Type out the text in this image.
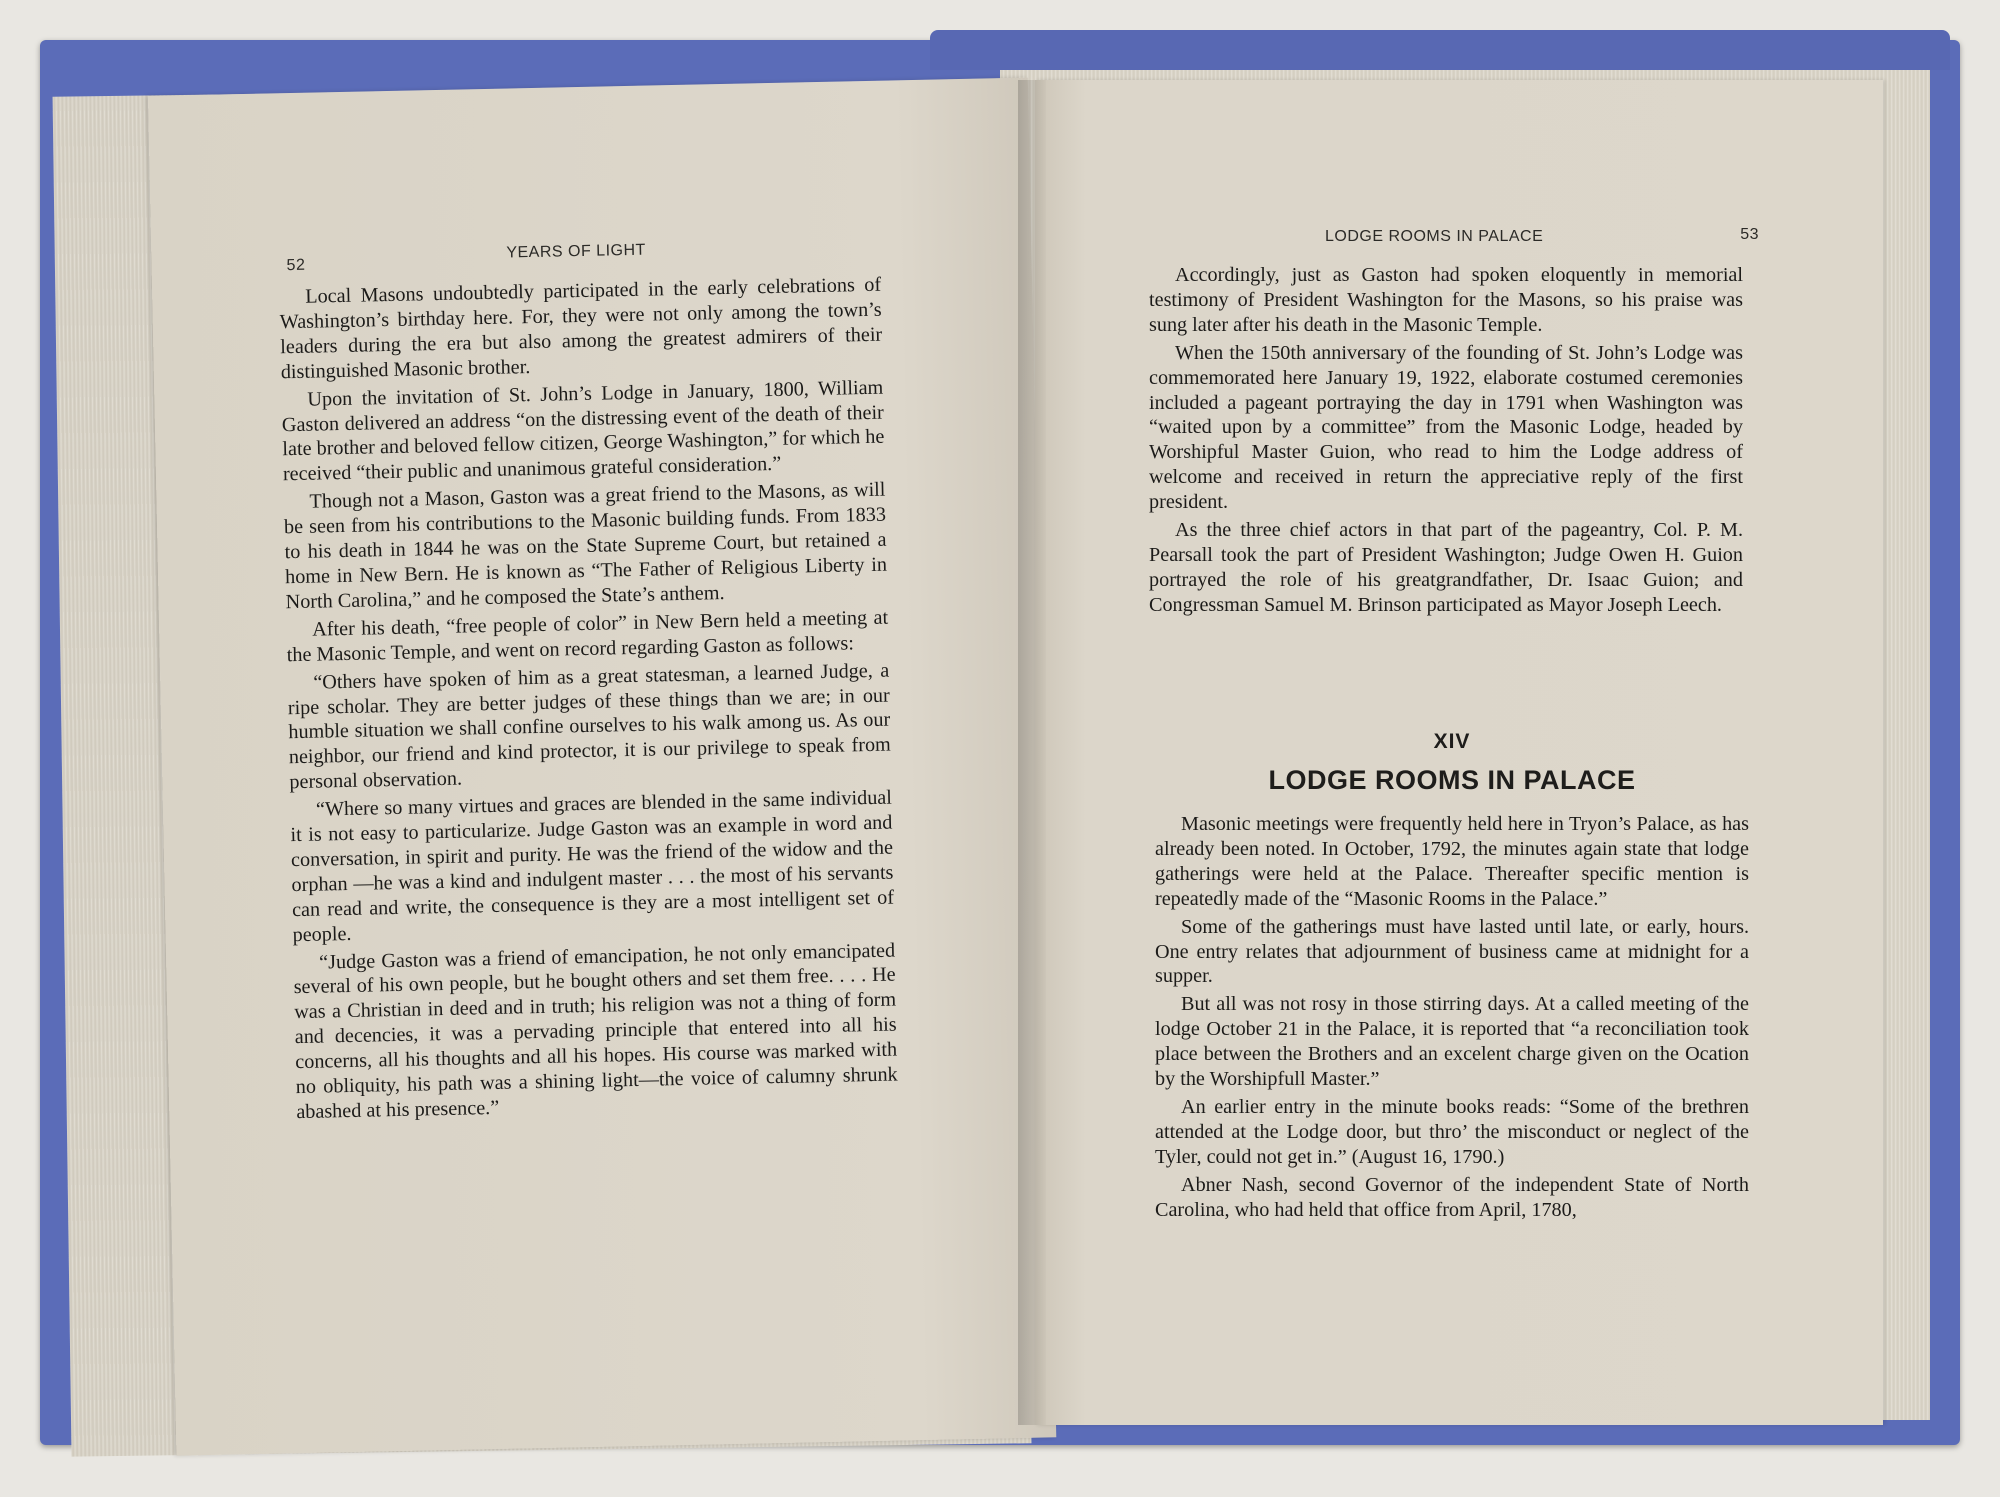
52
YEARS OF LIGHT

Local Masons undoubtedly participated in the early celebrations of Washington’s birthday here. For, they were not only among the town’s leaders during the era but also among the greatest admirers of their distinguished Masonic brother.

Upon the invitation of St. John’s Lodge in January, 1800, William Gaston delivered an address “on the distressing event of the death of their late brother and beloved fellow citizen, George Washington,” for which he received “their public and unanimous grateful consideration.”

Though not a Mason, Gaston was a great friend to the Masons, as will be seen from his contributions to the Masonic building funds. From 1833 to his death in 1844 he was on the State Supreme Court, but retained a home in New Bern. He is known as “The Father of Religious Liberty in North Carolina,” and he composed the State’s anthem.

After his death, “free people of color” in New Bern held a meeting at the Masonic Temple, and went on record regarding Gaston as follows:

“Others have spoken of him as a great statesman, a learned Judge, a ripe scholar. They are better judges of these things than we are; in our humble situation we shall confine ourselves to his walk among us. As our neighbor, our friend and kind protector, it is our privilege to speak from personal observation.

“Where so many virtues and graces are blended in the same individual it is not easy to particularize. Judge Gaston was an example in word and conversation, in spirit and purity. He was the friend of the widow and the orphan —he was a kind and indulgent master . . . the most of his servants can read and write, the consequence is they are a most intelligent set of people.

“Judge Gaston was a friend of emancipation, he not only emancipated several of his own people, but he bought others and set them free. . . . He was a Christian in deed and in truth; his religion was not a thing of form and decencies, it was a pervading principle that entered into all his concerns, all his thoughts and all his hopes. His course was marked with no obliquity, his path was a shining light—the voice of calumny shrunk abashed at his presence.”

LODGE ROOMS IN PALACE	53

Accordingly, just as Gaston had spoken eloquently in memorial testimony of President Washington for the Masons, so his praise was sung later after his death in the Masonic Temple.

When the 150th anniversary of the founding of St. John’s Lodge was commemorated here January 19, 1922, elaborate costumed ceremonies included a pageant portraying the day in 1791 when Washington was “waited upon by a committee” from the Masonic Lodge, headed by Worshipful Master Guion, who read to him the Lodge address of welcome and received in return the appreciative reply of the first president.

As the three chief actors in that part of the pageantry, Col. P. M. Pearsall took the part of President Washington; Judge Owen H. Guion portrayed the role of his greatgrandfather, Dr. Isaac Guion; and Congressman Samuel M. Brinson participated as Mayor Joseph Leech.

XIV
LODGE ROOMS IN PALACE

Masonic meetings were frequently held here in Tryon’s Palace, as has already been noted. In October, 1792, the minutes again state that lodge gatherings were held at the Palace. Thereafter specific mention is repeatedly made of the “Masonic Rooms in the Palace.”

Some of the gatherings must have lasted until late, or early, hours. One entry relates that adjournment of business came at midnight for a supper.

But all was not rosy in those stirring days. At a called meeting of the lodge October 21 in the Palace, it is reported that “a reconciliation took place between the Brothers and an excelent charge given on the Ocation by the Worshipfull Master.”

An earlier entry in the minute books reads: “Some of the brethren attended at the Lodge door, but thro’ the misconduct or neglect of the Tyler, could not get in.” (August 16, 1790.)

Abner Nash, second Governor of the independent State of North Carolina, who had held that office from April, 1780,
